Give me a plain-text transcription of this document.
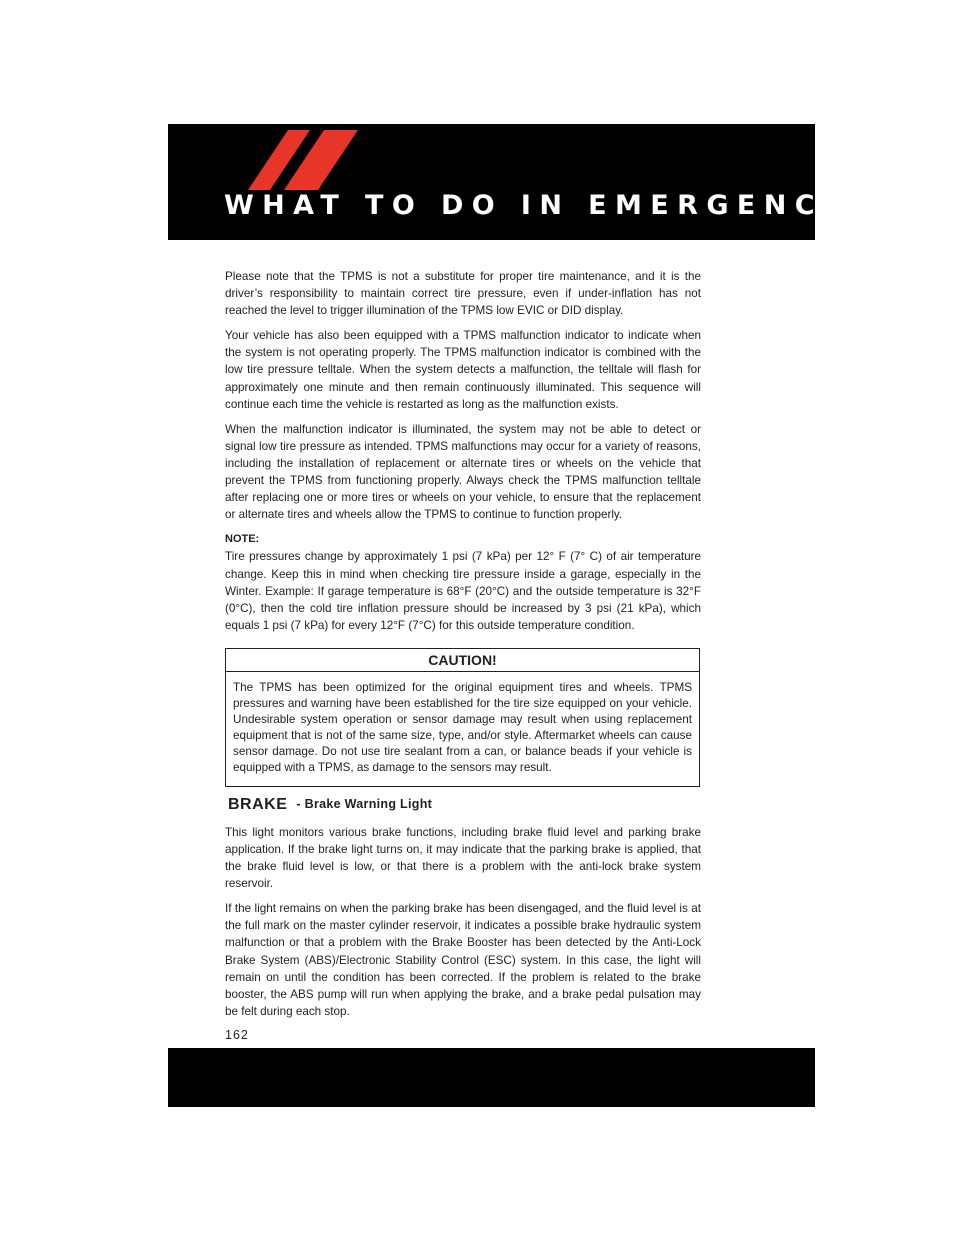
WHAT TO DO IN EMERGENCIES

Please note that the TPMS is not a substitute for proper tire maintenance, and it is the driver’s responsibility to maintain correct tire pressure, even if under-inflation has not reached the level to trigger illumination of the TPMS low EVIC or DID display.

Your vehicle has also been equipped with a TPMS malfunction indicator to indicate when the system is not operating properly. The TPMS malfunction indicator is combined with the low tire pressure telltale. When the system detects a malfunction, the telltale will flash for approximately one minute and then remain continuously illuminated. This sequence will continue each time the vehicle is restarted as long as the malfunction exists.

When the malfunction indicator is illuminated, the system may not be able to detect or signal low tire pressure as intended. TPMS malfunctions may occur for a variety of reasons, including the installation of replacement or alternate tires or wheels on the vehicle that prevent the TPMS from functioning properly. Always check the TPMS malfunction telltale after replacing one or more tires or wheels on your vehicle, to ensure that the replacement or alternate tires and wheels allow the TPMS to continue to function properly.

NOTE:

Tire pressures change by approximately 1 psi (7 kPa) per 12° F (7° C) of air temperature change. Keep this in mind when checking tire pressure inside a garage, especially in the Winter. Example: If garage temperature is 68°F (20°C) and the outside temperature is 32°F (0°C), then the cold tire inflation pressure should be increased by 3 psi (21 kPa), which equals 1 psi (7 kPa) for every 12°F (7°C) for this outside temperature condition.

CAUTION!
The TPMS has been optimized for the original equipment tires and wheels. TPMS pressures and warning have been established for the tire size equipped on your vehicle. Undesirable system operation or sensor damage may result when using replacement equipment that is not of the same size, type, and/or style. Aftermarket wheels can cause sensor damage. Do not use tire sealant from a can, or balance beads if your vehicle is equipped with a TPMS, as damage to the sensors may result.
BRAKE - Brake Warning Light

This light monitors various brake functions, including brake fluid level and parking brake application. If the brake light turns on, it may indicate that the parking brake is applied, that the brake fluid level is low, or that there is a problem with the anti-lock brake system reservoir.

If the light remains on when the parking brake has been disengaged, and the fluid level is at the full mark on the master cylinder reservoir, it indicates a possible brake hydraulic system malfunction or that a problem with the Brake Booster has been detected by the Anti-Lock Brake System (ABS)/Electronic Stability Control (ESC) system. In this case, the light will remain on until the condition has been corrected. If the problem is related to the brake booster, the ABS pump will run when applying the brake, and a brake pedal pulsation may be felt during each stop.

162
